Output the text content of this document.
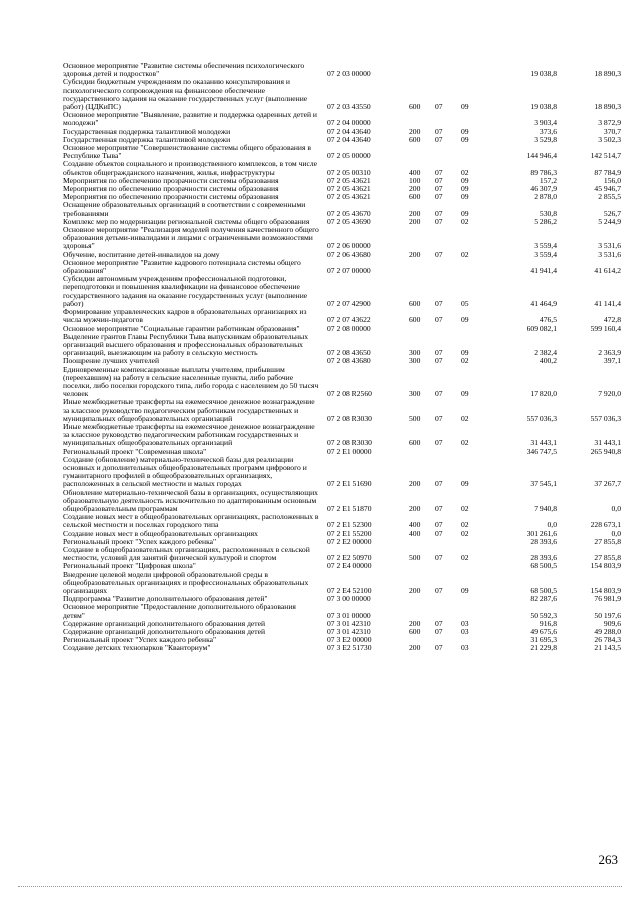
Основное мероприятие "Развитие системы обеспечения психологического здоровья детей и подростков"	07 2 03 00000				19 038,8	18 890,3
Субсидии бюджетным учреждениям по оказанию консультирования и психологического сопровождения на финансовое обеспечение государственного задания на оказание государственных услуг (выполнение работ) (ЦДКиПС)	07 2 03 43550	600	07	09	19 038,8	18 890,3
Основное мероприятие "Выявление, развитие и поддержка одаренных детей и молодежи"	07 2 04 00000				3 903,4	3 872,9
Государственная поддержка талантливой молодежи	07 2 04 43640	200	07	09	373,6	370,7
Государственная поддержка талантливой молодежи	07 2 04 43640	600	07	09	3 529,8	3 502,3
Основное мероприятие "Совершенствование системы общего образования в Республике Тыва"	07 2 05 00000				144 946,4	142 514,7
Создание объектов социального и производственного комплексов, в том числе объектов общегражданского назначения, жилья, инфраструктуры	07 2 05 00310	400	07	02	89 786,3	87 784,9
Мероприятия по обеспечению прозрачности системы образования	07 2 05 43621	100	07	09	157,2	156,0
Мероприятия по обеспечению прозрачности системы образования	07 2 05 43621	200	07	09	46 307,9	45 946,7
Мероприятия по обеспечению прозрачности системы образования	07 2 05 43621	600	07	09	2 878,0	2 855,5
Оснащение образовательных организаций в соответствии с современными требованиями	07 2 05 43670	200	07	09	530,8	526,7
Комплекс мер по модернизации региональной системы общего образования	07 2 05 43690	200	07	02	5 286,2	5 244,9
Основное мероприятие "Реализация моделей получения качественного общего образования детьми-инвалидами и лицами с ограниченными возможностями здоровья"	07 2 06 00000				3 559,4	3 531,6
Обучение, воспитание детей-инвалидов на дому	07 2 06 43680	200	07	02	3 559,4	3 531,6
Основное мероприятие "Развитие кадрового потенциала системы общего образования"	07 2 07 00000				41 941,4	41 614,2
Субсидии автономным учреждениям профессиональной подготовки, переподготовки и повышения квалификации на финансовое обеспечение государственного задания на оказание государственных услуг (выполнение работ)	07 2 07 42900	600	07	05	41 464,9	41 141,4
Формирование управленческих кадров в образовательных организациях из числа мужчин-педагогов	07 2 07 43622	600	07	09	476,5	472,8
Основное мероприятие "Социальные гарантии работникам образования"	07 2 08 00000				609 082,1	599 160,4
Выделение грантов Главы Республики Тыва выпускникам образовательных организаций высшего образования и профессиональных образовательных организаций, выезжающим на работу в сельскую местность	07 2 08 43650	300	07	09	2 382,4	2 363,9
Поощрение лучших учителей	07 2 08 43680	300	07	02	400,2	397,1
Единовременные компенсационные выплаты учителям, прибывшим (переехавшим) на работу в сельские населенные пункты, либо рабочие поселки, либо поселки городского типа, либо города с населением до 50 тысяч человек	07 2 08 R2560	300	07	09	17 820,0	7 920,0
Иные межбюджетные трансферты на ежемесячное денежное вознаграждение за классное руководство педагогическим работникам государственных и муниципальных общеобразовательных организаций	07 2 08 R3030	500	07	02	557 036,3	557 036,3
Иные межбюджетные трансферты на ежемесячное денежное вознаграждение за классное руководство педагогическим работникам государственных и муниципальных общеобразовательных организаций	07 2 08 R3030	600	07	02	31 443,1	31 443,1
Региональный проект "Современная школа"	07 2 E1 00000				346 747,5	265 940,8
Создание (обновление) материально-технической базы для реализации основных и дополнительных общеобразовательных программ цифрового и гуманитарного профилей в общеобразовательных организациях, расположенных в сельской местности и малых городах	07 2 E1 51690	200	07	09	37 545,1	37 267,7
Обновление материально-технической базы в организациях, осуществляющих образовательную деятельность исключительно по адаптированным основным общеобразовательным программам	07 2 E1 51870	200	07	02	7 940,8	0,0
Создание новых мест в общеобразовательных организациях, расположенных в сельской местности и поселках городского типа	07 2 E1 52300	400	07	02	0,0	228 673,1
Создание новых мест в общеобразовательных организациях	07 2 E1 55200	400	07	02	301 261,6	0,0
Региональный проект "Успех каждого ребенка"	07 2 E2 00000				28 393,6	27 855,8
Создание в общеобразовательных организациях, расположенных в сельской местности, условий для занятий физической культурой и спортом	07 2 E2 50970	500	07	02	28 393,6	27 855,8
Региональный проект "Цифровая школа"	07 2 E4 00000				68 500,5	154 803,9
Внедрение целевой модели цифровой образовательной среды в общеобразовательных организациях и профессиональных образовательных организациях	07 2 E4 52100	200	07	09	68 500,5	154 803,9
Подпрограмма "Развитие дополнительного образования детей"	07 3 00 00000				82 287,6	76 981,9
Основное мероприятие "Предоставление дополнительного образования детям"	07 3 01 00000				50 592,3	50 197,6
Содержание организаций дополнительного образования детей	07 3 01 42310	200	07	03	916,8	909,6
Содержание организаций дополнительного образования детей	07 3 01 42310	600	07	03	49 675,6	49 288,0
Региональный проект "Успех каждого ребенка"	07 3 E2 00000				31 695,3	26 784,3
Создание детских технопарков "Кванториум"	07 3 E2 51730	200	07	03	21 229,8	21 143,5
263
